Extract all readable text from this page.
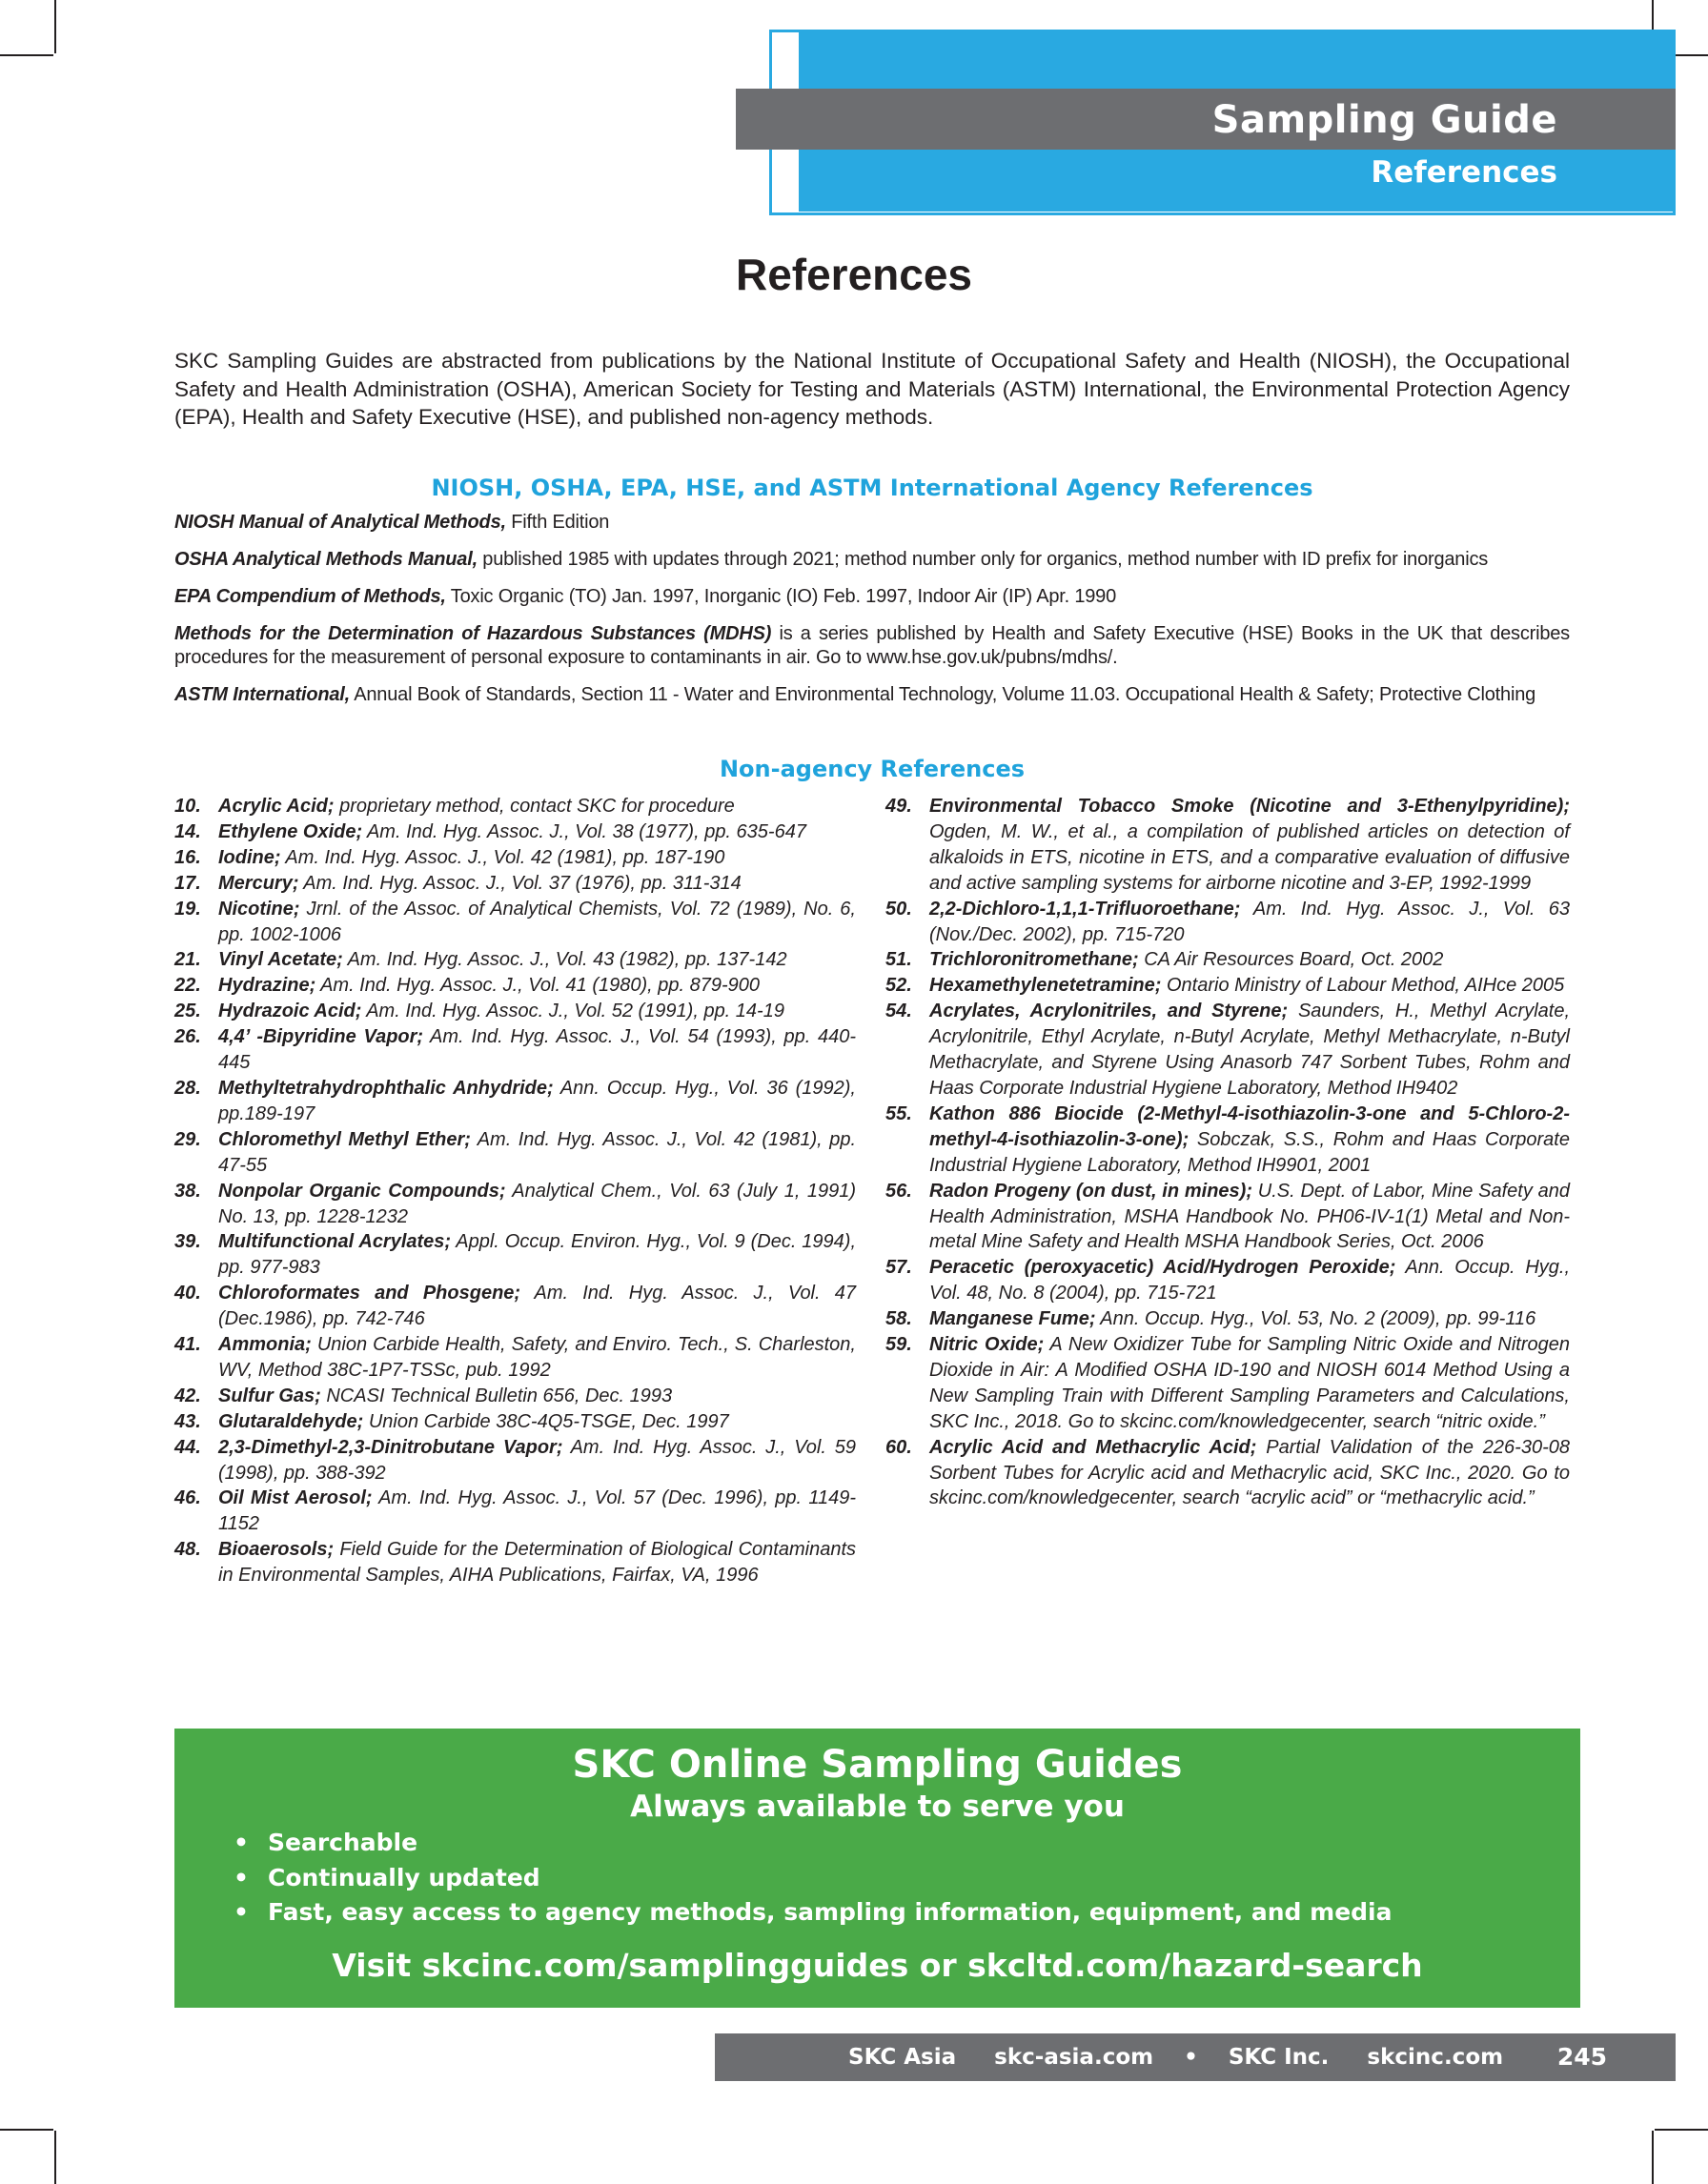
Sampling Guide
References
References

SKC Sampling Guides are abstracted from publications by the National Institute of Occupational Safety and Health (NIOSH), the Occupational Safety and Health Administration (OSHA), American Society for Testing and Materials (ASTM) International, the Environmental Protection Agency (EPA), Health and Safety Executive (HSE), and published non-agency methods.

NIOSH, OSHA, EPA, HSE, and ASTM International Agency References

NIOSH Manual of Analytical Methods, Fifth Edition

OSHA Analytical Methods Manual, published 1985 with updates through 2021; method number only for organics, method number with ID prefix for inorganics

EPA Compendium of Methods, Toxic Organic (TO) Jan. 1997, Inorganic (IO) Feb. 1997, Indoor Air (IP) Apr. 1990

Methods for the Determination of Hazardous Substances (MDHS) is a series published by Health and Safety Executive (HSE) Books in the UK that describes procedures for the measurement of personal exposure to contaminants in air. Go to www.hse.gov.uk/pubns/mdhs/.

ASTM International, Annual Book of Standards, Section 11 - Water and Environmental Technology, Volume 11.03. Occupational Health & Safety; Protective Clothing

Non-agency References
10. Acrylic Acid; proprietary method, contact SKC for procedure
14. Ethylene Oxide; Am. Ind. Hyg. Assoc. J., Vol. 38 (1977), pp. 635-647
16. Iodine; Am. Ind. Hyg. Assoc. J., Vol. 42 (1981), pp. 187-190
17. Mercury; Am. Ind. Hyg. Assoc. J., Vol. 37 (1976), pp. 311-314
19. Nicotine; Jrnl. of the Assoc. of Analytical Chemists, Vol. 72 (1989), No. 6, pp. 1002-1006
21. Vinyl Acetate; Am. Ind. Hyg. Assoc. J., Vol. 43 (1982), pp. 137-142
22. Hydrazine; Am. Ind. Hyg. Assoc. J., Vol. 41 (1980), pp. 879-900
25. Hydrazoic Acid; Am. Ind. Hyg. Assoc. J., Vol. 52 (1991), pp. 14-19
26. 4,4’ -Bipyridine Vapor; Am. Ind. Hyg. Assoc. J., Vol. 54 (1993), pp. 440-445
28. Methyltetrahydrophthalic Anhydride; Ann. Occup. Hyg., Vol. 36 (1992), pp.189-197
29. Chloromethyl Methyl Ether; Am. Ind. Hyg. Assoc. J., Vol. 42 (1981), pp. 47-55
38. Nonpolar Organic Compounds; Analytical Chem., Vol. 63 (July 1, 1991) No. 13, pp. 1228-1232
39. Multifunctional Acrylates; Appl. Occup. Environ. Hyg., Vol. 9 (Dec. 1994), pp. 977-983
40. Chloroformates and Phosgene; Am. Ind. Hyg. Assoc. J., Vol. 47 (Dec.1986), pp. 742-746
41. Ammonia; Union Carbide Health, Safety, and Enviro. Tech., S. Charleston, WV, Method 38C-1P7-TSSc, pub. 1992
42. Sulfur Gas; NCASI Technical Bulletin 656, Dec. 1993
43. Glutaraldehyde; Union Carbide 38C-4Q5-TSGE, Dec. 1997
44. 2,3-Dimethyl-2,3-Dinitrobutane Vapor; Am. Ind. Hyg. Assoc. J., Vol. 59 (1998), pp. 388-392
46. Oil Mist Aerosol; Am. Ind. Hyg. Assoc. J., Vol. 57 (Dec. 1996), pp. 1149-1152
48. Bioaerosols; Field Guide for the Determination of Biological Contaminants in Environmental Samples, AIHA Publications, Fairfax, VA, 1996
49. Environmental Tobacco Smoke (Nicotine and 3-Ethenylpyridine); Ogden, M. W., et al., a compilation of published articles on detection of alkaloids in ETS, nicotine in ETS, and a comparative evaluation of diffusive and active sampling systems for airborne nicotine and 3-EP, 1992-1999
50. 2,2-Dichloro-1,1,1-Trifluoroethane; Am. Ind. Hyg. Assoc. J., Vol. 63 (Nov./Dec. 2002), pp. 715-720
51. Trichloronitromethane; CA Air Resources Board, Oct. 2002
52. Hexamethylenetetramine; Ontario Ministry of Labour Method, AIHce 2005
54. Acrylates, Acrylonitriles, and Styrene; Saunders, H., Methyl Acrylate, Acrylonitrile, Ethyl Acrylate, n-Butyl Acrylate, Methyl Methacrylate, n-Butyl Methacrylate, and Styrene Using Anasorb 747 Sorbent Tubes, Rohm and Haas Corporate Industrial Hygiene Laboratory, Method IH9402
55. Kathon 886 Biocide (2-Methyl-4-isothiazolin-3-one and 5-Chloro-2-methyl-4-isothiazolin-3-one); Sobczak, S.S., Rohm and Haas Corporate Industrial Hygiene Laboratory, Method IH9901, 2001
56. Radon Progeny (on dust, in mines); U.S. Dept. of Labor, Mine Safety and Health Administration, MSHA Handbook No. PH06-IV-1(1) Metal and Non-metal Mine Safety and Health MSHA Handbook Series, Oct. 2006
57. Peracetic (peroxyacetic) Acid/Hydrogen Peroxide; Ann. Occup. Hyg., Vol. 48, No. 8 (2004), pp. 715-721
58. Manganese Fume; Ann. Occup. Hyg., Vol. 53, No. 2 (2009), pp. 99-116
59. Nitric Oxide; A New Oxidizer Tube for Sampling Nitric Oxide and Nitrogen Dioxide in Air: A Modified OSHA ID-190 and NIOSH 6014 Method Using a New Sampling Train with Different Sampling Parameters and Calculations, SKC Inc., 2018. Go to skcinc.com/knowledgecenter, search “nitric oxide.”
60. Acrylic Acid and Methacrylic Acid; Partial Validation of the 226-30-08 Sorbent Tubes for Acrylic acid and Methacrylic acid, SKC Inc., 2020. Go to skcinc.com/knowledgecenter, search “acrylic acid” or “methacrylic acid.”
SKC Online Sampling Guides
Always available to serve you
• Searchable
• Continually updated
• Fast, easy access to agency methods, sampling information, equipment, and media
Visit skcinc.com/samplingguides or skcltd.com/hazard-search
SKC Asia     skc-asia.com    •    SKC Inc.     skcinc.com 245
